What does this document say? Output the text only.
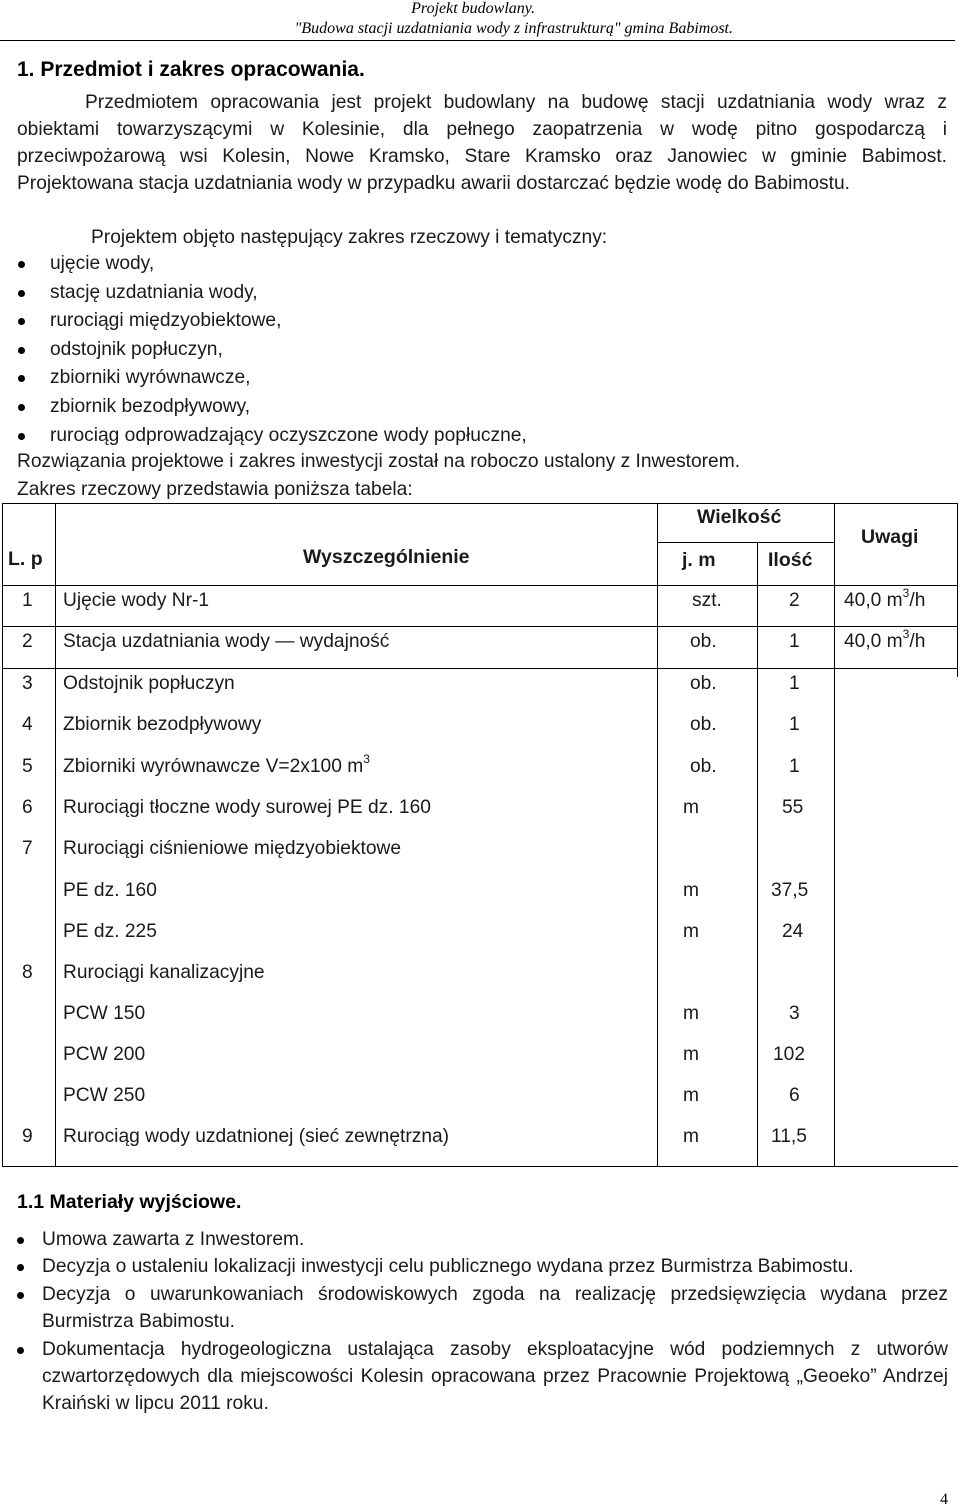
Projekt budowlany.
"Budowa stacji uzdatniania wody z infrastrukturą" gmina Babimost.
1. Przedmiot i zakres opracowania.
Przedmiotem opracowania jest projekt budowlany na budowę stacji uzdatniania wody wraz z obiektami towarzyszącymi w Kolesinie, dla pełnego zaopatrzenia w wodę pitno gospodarczą i przeciwpożarową wsi Kolesin, Nowe Kramsko, Stare Kramsko oraz Janowiec w gminie Babimost. Projektowana stacja uzdatniania wody w przypadku awarii dostarczać będzie wodę do Babimostu.
Projektem objęto następujący zakres rzeczowy i tematyczny:
ujęcie wody,
stację uzdatniania wody,
rurociągi międzyobiektowe,
odstojnik popłuczyn,
zbiorniki wyrównawcze,
zbiornik bezodpływowy,
rurociąg odprowadzający oczyszczone wody popłuczne,
Rozwiązania projektowe i zakres inwestycji został na roboczo ustalony z Inwestorem.
Zakres rzeczowy przedstawia poniższa tabela:
L. p	Wyszczególnienie
Wielkość
j. m	Ilość
Uwagi
1 Ujęcie wody Nr-1	szt.	2 40,0 $m^3/h$
2 Stacja uzdatniania wody — wydajność	ob.	1 40,0 $m^3/h$
3 Odstojnik popłuczyn	ob.	1
4 Zbiornik bezodpływowy	ob.	1
5 Zbiorniki wyrównawcze V=2x100 $m^3$	ob.	1
6 Rurociągi tłoczne wody surowej PE dz. 160	m	55
7 Rurociągi ciśnieniowe międzyobiektowe
PE dz. 160	m	37,5
PE dz. 225	m	24
8 Rurociągi kanalizacyjne
PCW 150	m	3
PCW 200	m	102
PCW 250	m	6
9 Rurociąg wody uzdatnionej (sieć zewnętrzna)	m	11,5
1.1 Materiały wyjściowe.
Umowa zawarta z Inwestorem.
Decyzja o ustaleniu lokalizacji inwestycji celu publicznego wydana przez Burmistrza Babimostu.
Decyzja o uwarunkowaniach środowiskowych zgoda na realizację przedsięwzięcia wydana przez Burmistrza Babimostu.
Dokumentacja hydrogeologiczna ustalająca zasoby eksploatacyjne wód podziemnych z utworów czwartorzędowych dla miejscowości Kolesin opracowana przez Pracownie Projektową „Geoeko” Andrzej Kraiński w lipcu 2011 roku.
4
